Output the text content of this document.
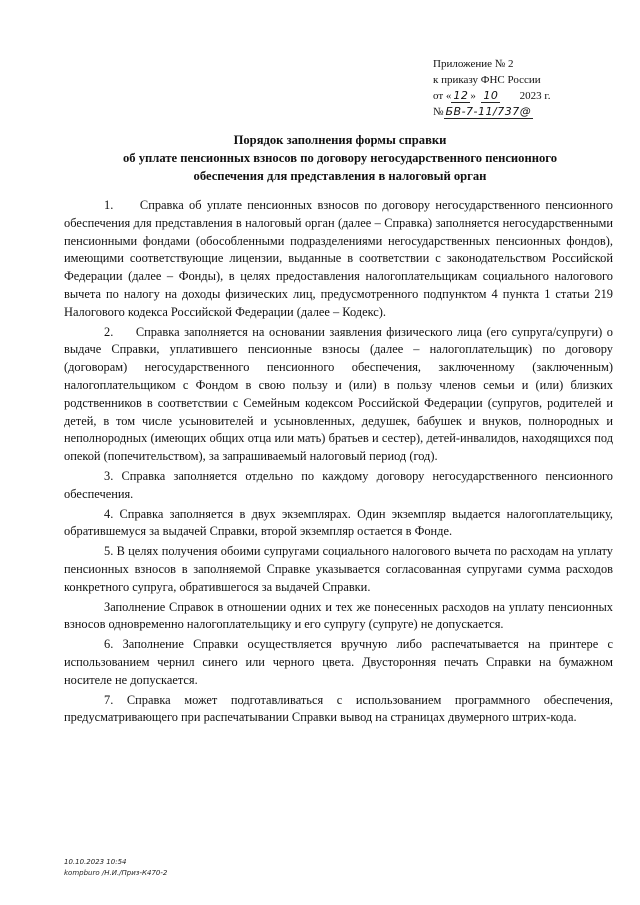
Приложение № 2
к приказу ФНС России
от « 12 » 10 2023 г.
№ БВ-7-11/737@
Порядок заполнения формы справки
об уплате пенсионных взносов по договору негосударственного пенсионного
обеспечения для представления в налоговый орган

1.     Справка об уплате пенсионных взносов по договору негосударственного пенсионного обеспечения для представления в налоговый орган (далее – Справка) заполняется негосударственными пенсионными фондами (обособленными подразделениями негосударственных пенсионных фондов), имеющими соответствующие лицензии, выданные в соответствии с законодательством Российской Федерации (далее – Фонды), в целях предоставления налогоплательщикам социального налогового вычета по налогу на доходы физических лиц, предусмотренного подпунктом 4 пункта 1 статьи 219 Налогового кодекса Российской Федерации (далее – Кодекс).

2.     Справка заполняется на основании заявления физического лица (его супруга/супруги) о выдаче Справки, уплатившего пенсионные взносы (далее – налогоплательщик) по договору (договорам) негосударственного пенсионного обеспечения, заключенному (заключенным) налогоплательщиком с Фондом в свою пользу и (или) в пользу членов семьи и (или) близких родственников в соответствии с Семейным кодексом Российской Федерации (супругов, родителей и детей, в том числе усыновителей и усыновленных, дедушек, бабушек и внуков, полнородных и неполнородных (имеющих общих отца или мать) братьев и сестер), детей-инвалидов, находящихся под опекой (попечительством), за запрашиваемый налоговый период (год).

3. Справка заполняется отдельно по каждому договору негосударственного пенсионного обеспечения.

4. Справка заполняется в двух экземплярах. Один экземпляр выдается налогоплательщику, обратившемуся за выдачей Справки, второй экземпляр остается в Фонде.

5. В целях получения обоими супругами социального налогового вычета по расходам на уплату пенсионных взносов в заполняемой Справке указывается согласованная супругами сумма расходов конкретного супруга, обратившегося за выдачей Справки.

Заполнение Справок в отношении одних и тех же понесенных расходов на уплату пенсионных взносов одновременно налогоплательщику и его супругу (супруге) не допускается.

6. Заполнение Справки осуществляется вручную либо распечатывается на принтере с использованием чернил синего или черного цвета. Двусторонняя печать Справки на бумажном носителе не допускается.

7. Справка может подготавливаться с использованием программного обеспечения, предусматривающего при распечатывании Справки вывод на страницах двумерного штрих-кода.

10.10.2023 10:54
kompburo /Н.И./Приз-К470-2
